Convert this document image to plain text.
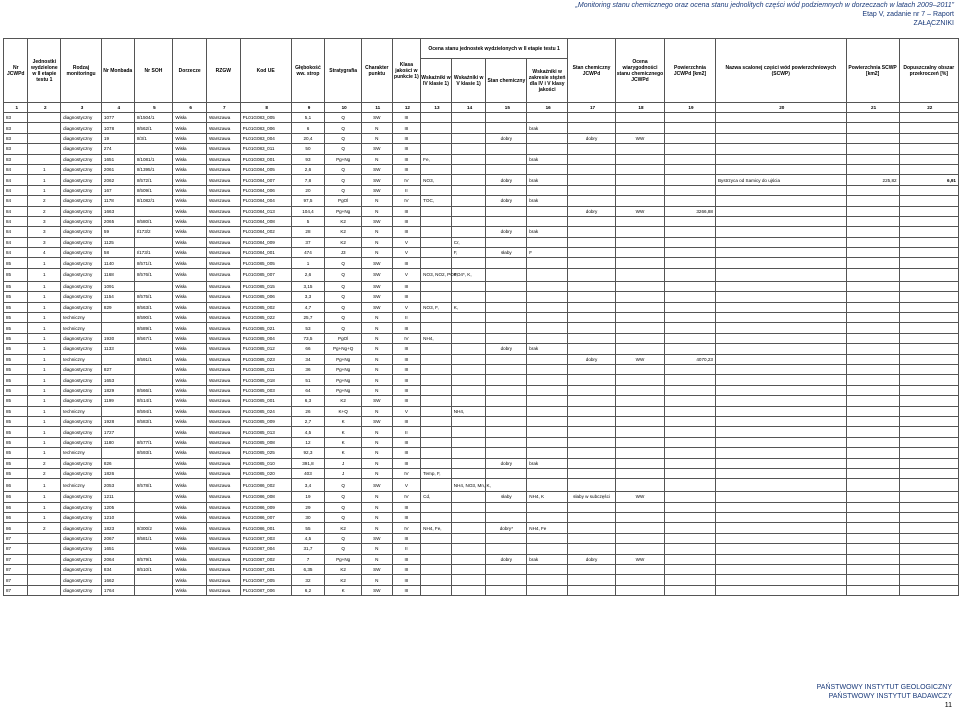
„Monitoring stanu chemicznego oraz ocena stanu jednolitych części wód podziemnych w dorzeczach w latach 2009–2011”
Etap V, zadanie nr 7 – Raport
ZAŁĄCZNIKI
Nr JCWPd	Jednostki wydzielone w II etapie testu 1	Rodzaj monitoringu	Nr Monbada	Nr SOH	Dorzecze	RZGW	Kod UE	Głębokość ww. strop	Stratygrafia	Charakter punktu	Klasa jakości w punkcie 1)	Ocena stanu jednostek wydzielonych w II etapie testu 1				Stan chemiczny JCWPd	Ocena wiarygodności stanu chemicznego JCWPd	Powierzchnia JCWPd [km2]	Nazwa scalonej części wód powierzchniowych (SCWP)	Powierzchnia SCWP [km2]	Dopuszczalny obszar przekroczeń [%]
												Wskaźniki w IV klasie 1)	Wskaźniki w V klasie 1)	Stan chemiczny	Wskaźniki w zakresie stężeń dla IV i V klasy jakości						
1	2	3	4	5	6	7	8	9	10	11	12	13	14	15	16	17	18	19	20	21	22
83		diagnostyczny	1077	II/1504/1	Wisła	Warszawa	PL01G083_005	5,1	Q	SW	III										
83		diagnostyczny	1078	II/562/1	Wisła	Warszawa	PL01G083_006	6	Q	N	III				brak						
83		diagnostyczny	19	II/3/1	Wisła	Warszawa	PL01G083_004	20,4	Q	N	III			dobry		dobry	WW				
83		diagnostyczny	274		Wisła	Warszawa	PL01G083_011	50	Q	SW	III										
83		diagnostyczny	1651	II/1081/1	Wisła	Warszawa	PL01G083_001	93	Pg+Ng	N	III	Fe,			brak						
84	1	diagnostyczny	2061	II/1395/1	Wisła	Warszawa	PL01G084_005	2,6	Q	SW	III										
84	1	diagnostyczny	2062	II/572/1	Wisła	Warszawa	PL01G084_007	7,8	Q	SW	IV	NO3,		dobry	brak				Bystrzyca od Samicy do ujścia	225,82	6,91
84	1	diagnostyczny	167	II/509/1	Wisła	Warszawa	PL01G084_006	20	Q	SW	II										
84	2	diagnostyczny	1178	II/1082/1	Wisła	Warszawa	PL01G084_004	97,5	PgOl	N	IV	TOC,		dobry	brak						
84	2	diagnostyczny	1663		Wisła	Warszawa	PL01G084_013	104,4	Pg+Ng	N	III					dobry	WW	3266,88			
84	3	diagnostyczny	2065	II/580/1	Wisła	Warszawa	PL01G084_008	5	K2	SW	III										
84	3	diagnostyczny	59	I/173/2	Wisła	Warszawa	PL01G084_002	28	K2	N	III			dobry	brak						
84	3	diagnostyczny	1125		Wisła	Warszawa	PL01G084_009	37	K2	N	V		Cr,								
84	4	diagnostyczny	58	I/173/1	Wisła	Warszawa	PL01G084_001	474	J3	N	V		F,	słaby	F						
85	1	diagnostyczny	1140	II/571/1	Wisła	Warszawa	PL01G085_005	1	Q	SW	III										
85	1	diagnostyczny	1168	II/576/1	Wisła	Warszawa	PL01G085_007	2,6	Q	SW	V	NO3, NO2, PO4,	PO4*, K,								
85	1	diagnostyczny	1091		Wisła	Warszawa	PL01G085_015	3,15	Q	SW	III										
85	1	diagnostyczny	1154	II/575/1	Wisła	Warszawa	PL01G085_006	3,3	Q	SW	III										
85	1	diagnostyczny	829	II/563/1	Wisła	Warszawa	PL01G085_002	4,7	Q	SW	V	NO3, F,	K,								
85	1	techniczny		II/590/1	Wisła	Warszawa	PL01G085_022	25,7	Q	N	II										
85	1	techniczny		II/589/1	Wisła	Warszawa	PL01G085_021	53	Q	N	III										
85	1	diagnostyczny	1930	II/567/1	Wisła	Warszawa	PL01G085_004	73,5	PgOl	N	IV	NH4,									
85	1	diagnostyczny	1133		Wisła	Warszawa	PL01G085_012	66	Pg+Ng+Q	N	III			dobry	brak						
85	1	techniczny		II/591/1	Wisła	Warszawa	PL01G085_023	34	Pg+Ng	N	III					dobry	WW	4070,23			
85	1	diagnostyczny	827		Wisła	Warszawa	PL01G085_011	36	Pg+Ng	N	III										
85	1	diagnostyczny	1653		Wisła	Warszawa	PL01G085_018	51	Pg+Ng	N	III										
85	1	diagnostyczny	1829	II/566/1	Wisła	Warszawa	PL01G085_003	64	Pg+Ng	N	III										
85	1	diagnostyczny	1199	II/514/1	Wisła	Warszawa	PL01G085_001	6,3	K2	SW	III										
85	1	techniczny		II/594/1	Wisła	Warszawa	PL01G085_024	26	K+Q	N	V		NH4,								
85	1	diagnostyczny	1928	II/583/1	Wisła	Warszawa	PL01G085_009	2,7	K	SW	III										
85	1	diagnostyczny	1727		Wisła	Warszawa	PL01G085_013	4,5	K	N	II										
85	1	diagnostyczny	1180	II/577/1	Wisła	Warszawa	PL01G085_008	12	K	N	III										
85	1	techniczny		II/593/1	Wisła	Warszawa	PL01G085_025	92,3	K	N	III										
85	2	diagnostyczny	826		Wisła	Warszawa	PL01G085_010	391,8	J	N	III			dobry	brak						
85	2	diagnostyczny	1826		Wisła	Warszawa	PL01G085_020	403	J	N	IV	Temp, F,									
86	1	techniczny	2053	II/578/1	Wisła	Warszawa	PL01G086_002	3,4	Q	SW	V		NH4, NO3, Mn, K,								
86	1	diagnostyczny	1211		Wisła	Warszawa	PL01G086_008	19	Q	N	IV	Cd,		słaby	NH4, K	słaby w subczęści	WW				
86	1	diagnostyczny	1205		Wisła	Warszawa	PL01G086_009	29	Q	N	III										
86	1	diagnostyczny	1210		Wisła	Warszawa	PL01G086_007	30	Q	N	III										
86	2	diagnostyczny	1823	II/300/2	Wisła	Warszawa	PL01G086_001	55	K2	N	IV	NH4, Fe,		dobry*	NH4, Fe						
87		diagnostyczny	2067	II/581/1	Wisła	Warszawa	PL01G087_003	4,5	Q	SW	III										
87		diagnostyczny	1651		Wisła	Warszawa	PL01G087_004	31,7	Q	N	II										
87		diagnostyczny	2064	II/579/1	Wisła	Warszawa	PL01G087_002	7	Pg+Ng	N	III			dobry	brak	dobry	WW				
87		diagnostyczny	834	II/510/1	Wisła	Warszawa	PL01G087_001	6,35	K2	SW	III										
87		diagnostyczny	1662		Wisła	Warszawa	PL01G087_005	32	K2	N	III										
87		diagnostyczny	1764		Wisła	Warszawa	PL01G087_006	6,2	K	SW	III										
PAŃSTWOWY INSTYTUT GEOLOGICZNY
PAŃSTWOWY INSTYTUT BADAWCZY
11
